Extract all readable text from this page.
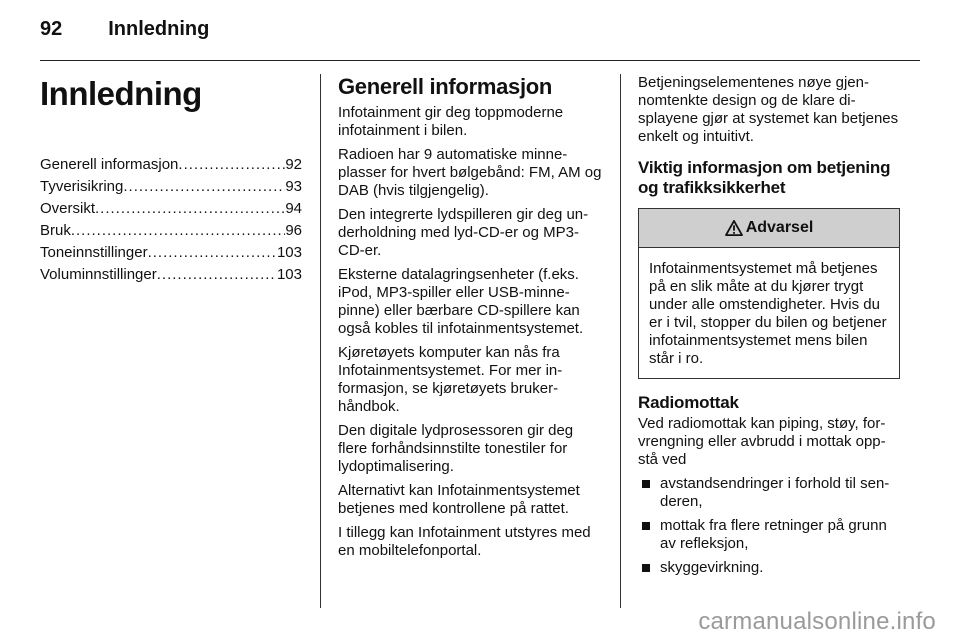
92 Innledning
Innledning
Generell informasjon .....	92
Tyverisikring .....	93
Oversikt .....	94
Bruk .....	96
Toneinnstillinger .....	103
Voluminnstillinger .....	103
Generell informasjon

Infotainment gir deg toppmoderne infotainment i bilen.

Radioen har 9 automatiske minneplasser for hvert bølgebånd: FM, AM og DAB (hvis tilgjengelig).

Den integrerte lydspilleren gir deg underholdning med lyd-CD-er og MP3-CD-er.

Eksterne datalagringsenheter (f.eks. iPod, MP3-spiller eller USB-minnepinne) eller bærbare CD-spillere kan også kobles til infotainmentsystemet.

Kjøretøyets komputer kan nås fra Infotainmentsystemet. For mer informasjon, se kjøretøyets brukerhåndbok.

Den digitale lydprosessoren gir deg flere forhåndsinnstilte tonestiler for lydoptimalisering.

Alternativt kan Infotainmentsystemet betjenes med kontrollene på rattet.

I tillegg kan Infotainment utstyres med en mobiltelefonportal.

Betjeningselementenes nøye gjennomtenkte design og de klare displayene gjør at systemet kan betjenes enkelt og intuitivt.

Viktig informasjon om betjening og trafikksikkerhet
Advarsel
Infotainmentsystemet må betjenes på en slik måte at du kjører trygt under alle omstendigheter. Hvis du er i tvil, stopper du bilen og betjener infotainmentsystemet mens bilen står i ro.
Radiomottak

Ved radiomottak kan piping, støy, forvrengning eller avbrudd i mottak oppstå ved

avstandsendringer i forhold til senderen,
mottak fra flere retninger på grunn av refleksjon,
skyggevirkning.
carmanualsonline.info
